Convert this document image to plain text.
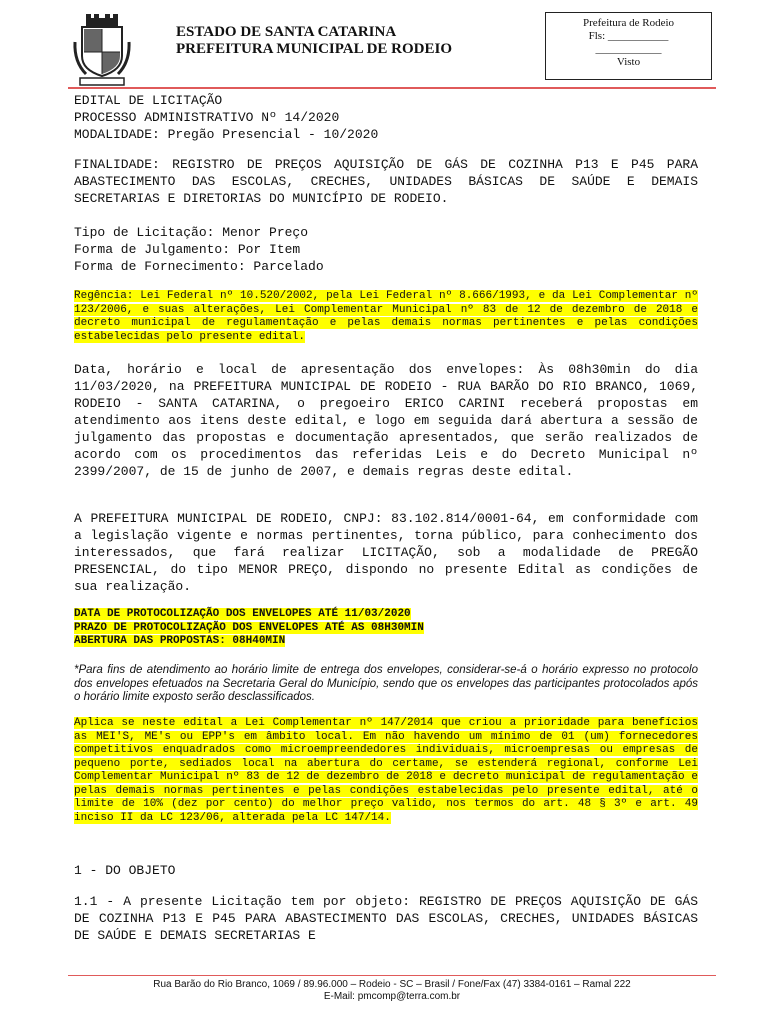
ESTADO DE SANTA CATARINA
PREFEITURA MUNICIPAL DE RODEIO
Prefeitura de Rodeio
Fls: ___________
____________
Visto
EDITAL DE LICITAÇÃO
PROCESSO ADMINISTRATIVO Nº 14/2020
MODALIDADE: Pregão Presencial - 10/2020

FINALIDADE: REGISTRO DE PREÇOS AQUISIÇÃO DE GÁS DE COZINHA P13 E P45 PARA ABASTECIMENTO DAS ESCOLAS, CRECHES, UNIDADES BÁSICAS DE SAÚDE E DEMAIS SECRETARIAS E DIRETORIAS DO MUNICÍPIO DE RODEIO.

Tipo de Licitação: Menor Preço
Forma de Julgamento: Por Item
Forma de Fornecimento: Parcelado

Regência: Lei Federal nº 10.520/2002, pela Lei Federal nº 8.666/1993, e da Lei Complementar nº 123/2006, e suas alterações, Lei Complementar Municipal nº 83 de 12 de dezembro de 2018 e decreto municipal de regulamentação e pelas demais normas pertinentes e pelas condições estabelecidas pelo presente edital.

Data, horário e local de apresentação dos envelopes: Às 08h30min do dia 11/03/2020, na PREFEITURA MUNICIPAL DE RODEIO - RUA BARÃO DO RIO BRANCO, 1069, RODEIO - SANTA CATARINA, o pregoeiro ERICO CARINI receberá propostas em atendimento aos itens deste edital, e logo em seguida dará abertura a sessão de julgamento das propostas e documentação apresentados, que serão realizados de acordo com os procedimentos das referidas Leis e do Decreto Municipal nº 2399/2007, de 15 de junho de 2007, e demais regras deste edital.

A PREFEITURA MUNICIPAL DE RODEIO, CNPJ: 83.102.814/0001-64, em conformidade com a legislação vigente e normas pertinentes, torna público, para conhecimento dos interessados, que fará realizar LICITAÇÃO, sob a modalidade de PREGÃO PRESENCIAL, do tipo MENOR PREÇO, dispondo no presente Edital as condições de sua realização.

DATA DE PROTOCOLIZAÇÃO DOS ENVELOPES ATÉ 11/03/2020
PRAZO DE PROTOCOLIZAÇÃO DOS ENVELOPES ATÉ AS 08H30MIN
ABERTURA DAS PROPOSTAS: 08H40MIN

*Para fins de atendimento ao horário limite de entrega dos envelopes, considerar-se-á o horário expresso no protocolo dos envelopes efetuados na Secretaria Geral do Município, sendo que os envelopes das participantes protocolados após o horário limite exposto serão desclassificados.

Aplica se neste edital a Lei Complementar nº 147/2014 que criou a prioridade para benefícios as MEI'S, ME's ou EPP's em âmbito local. Em não havendo um mínimo de 01 (um) fornecedores competitivos enquadrados como microempreendedores individuais, microempresas ou empresas de pequeno porte, sediados local na abertura do certame, se estenderá regional, conforme Lei Complementar Municipal nº 83 de 12 de dezembro de 2018 e decreto municipal de regulamentação e pelas demais normas pertinentes e pelas condições estabelecidas pelo presente edital, até o limite de 10% (dez por cento) do melhor preço valido, nos termos do art. 48 § 3º e art. 49 inciso II da LC 123/06, alterada pela LC 147/14.

1 - DO OBJETO

1.1 - A presente Licitação tem por objeto: REGISTRO DE PREÇOS AQUISIÇÃO DE GÁS DE COZINHA P13 E P45 PARA ABASTECIMENTO DAS ESCOLAS, CRECHES, UNIDADES BÁSICAS DE SAÚDE E DEMAIS SECRETARIAS E

Rua Barão do Rio Branco, 1069 / 89.96.000 – Rodeio - SC – Brasil / Fone/Fax (47) 3384-0161 – Ramal 222
E-Mail: pmcomp@terra.com.br
